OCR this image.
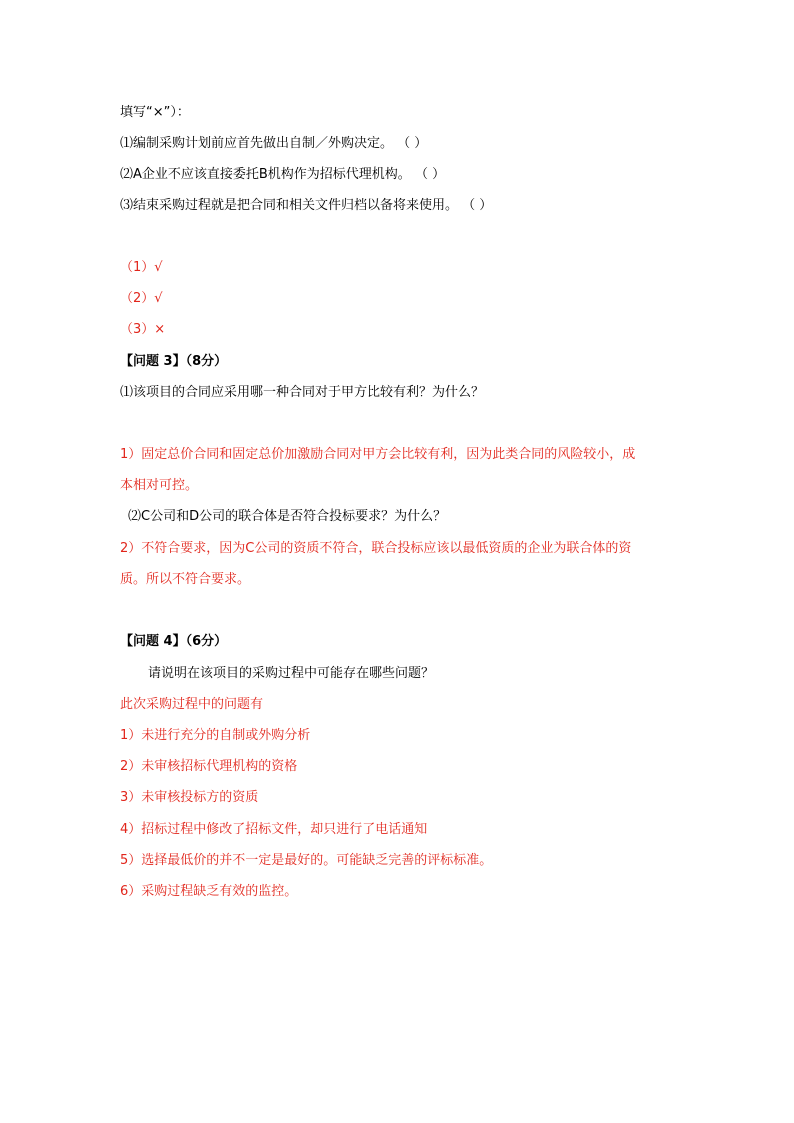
填写“×”）：
⑴编制采购计划前应首先做出自制／外购决定。 （ ）
⑵A企业不应该直接委托B机构作为招标代理机构。 （ ）
⑶结束采购过程就是把合同和相关文件归档以备将来使用。 （ ）
（1）√
（2）√
（3）×
【问题 3】（8分）
⑴该项目的合同应采用哪一种合同对于甲方比较有利？为什么？
1）固定总价合同和固定总价加激励合同对甲方会比较有利，因为此类合同的风险较小，成
本相对可控。
⑵C公司和D公司的联合体是否符合投标要求？为什么？
2）不符合要求，因为C公司的资质不符合，联合投标应该以最低资质的企业为联合体的资
质。所以不符合要求。
【问题 4】（6分）
请说明在该项目的采购过程中可能存在哪些问题？
此次采购过程中的问题有
1）未进行充分的自制或外购分析
2）未审核招标代理机构的资格
3）未审核投标方的资质
4）招标过程中修改了招标文件，却只进行了电话通知
5）选择最低价的并不一定是最好的。可能缺乏完善的评标标准。
6）采购过程缺乏有效的监控。
